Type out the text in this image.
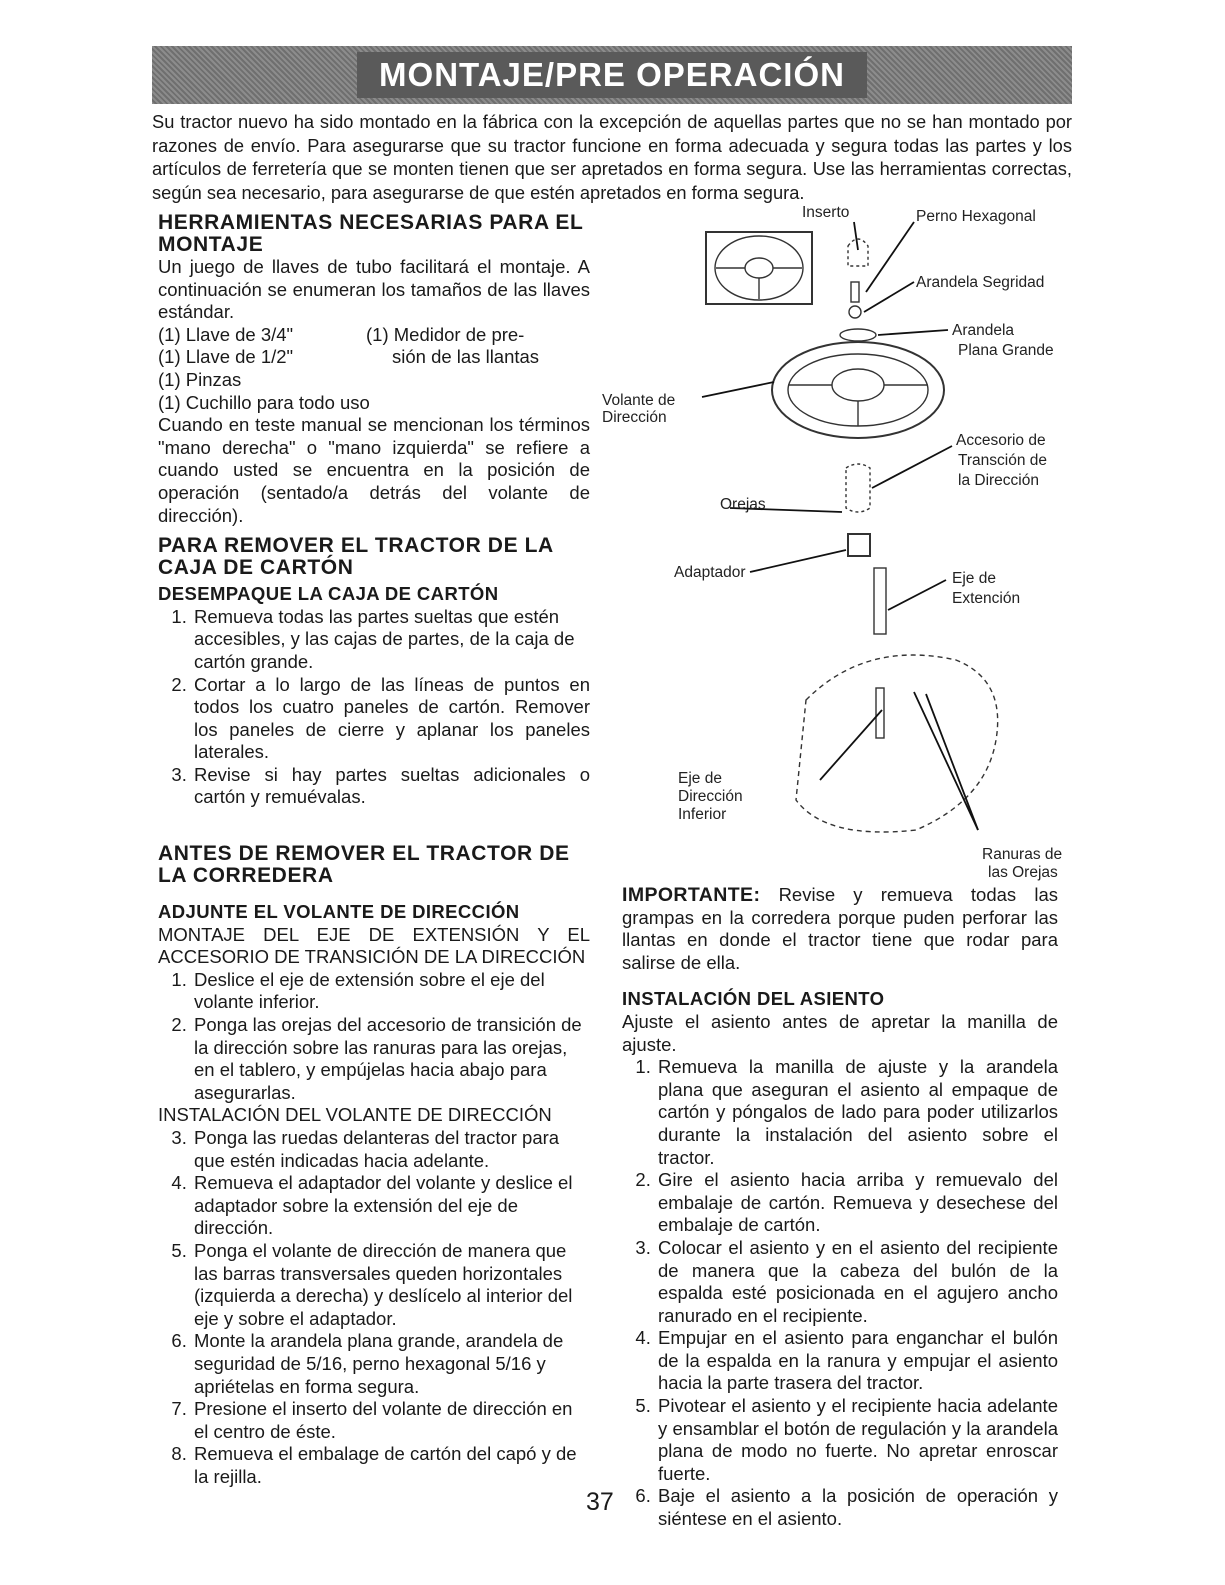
MONTAJE/PRE OPERACIÓN

Su tractor nuevo ha sido montado en la fábrica con la excepción de aquellas partes que no se han montado por razones de envío. Para asegurarse que su tractor funcione en forma adecuada y segura todas las partes y los artículos de ferretería que se monten tienen que ser apretados en forma segura. Use las herramientas correctas, según sea necesario, para asegurarse de que estén apretados en forma segura.

HERRAMIENTAS NECESARIAS PARA EL MONTAJE

Un juego de llaves de tubo facilitará el montaje. A continuación se enumeran los tamaños de las llaves estándar.

(1) Llave de 3/4"	(1) Medidor de pre-
(1) Llave de 1/2"	sión de las llantas

(1) Pinzas

(1) Cuchillo para todo uso

Cuando en teste manual se mencionan los términos "mano derecha" o "mano izquierda" se refiere a cuando usted se encuentra en la posición de operación (sentado/a detrás del volante de dirección).

PARA REMOVER EL TRACTOR DE LA CAJA DE CARTÓN

DESEMPAQUE LA CAJA DE CARTÓN

1. Remueva todas las partes sueltas que estén accesibles, y las cajas de partes, de la caja de cartón grande.
2. Cortar a lo largo de las líneas de puntos en todos los cuatro paneles de cartón. Remover los paneles de cierre y aplanar los paneles laterales.
3. Revise si hay partes sueltas adicionales o cartón y remuévalas.

ANTES DE REMOVER EL TRACTOR DE LA CORREDERA

ADJUNTE EL VOLANTE DE DIRECCIÓN

MONTAJE DEL EJE DE EXTENSIÓN Y EL ACCESORIO DE TRANSICIÓN DE LA DIRECCIÓN

1. Deslice el eje de extensión sobre el eje del volante inferior.
2. Ponga las orejas del accesorio de transición de la dirección sobre las ranuras para las orejas, en el tablero, y empújelas hacia abajo para asegurarlas.

INSTALACIÓN DEL VOLANTE DE DIRECCIÓN

3. Ponga las ruedas delanteras del tractor para que estén indicadas hacia adelante.
4. Remueva el adaptador del volante y deslice el adaptador sobre la extensión del eje de dirección.
5. Ponga el volante de dirección de manera que las barras transversales queden horizontales (izquierda a derecha) y deslícelo al interior del eje y sobre el adaptador.
6. Monte la arandela plana grande, arandela de seguridad de 5/16, perno hexagonal 5/16 y apriételas en forma segura.
7. Presione el inserto del volante de dirección en el centro de éste.
8. Remueva el embalage de cartón del capó y de la rejilla.
Inserto	Perno Hexagonal
Arandela Segridad
Arandela
Plana Grande
Volante de
Dirección
Accesorio de
Transción de
la Dirección
Orejas
Adaptador	Eje de
Extención
Eje de
Dirección
Inferior
Ranuras de
las Orejas

IMPORTANTE: Revise y remueva todas las grampas en la corredera porque puden perforar las llantas en donde el tractor tiene que rodar para salirse de ella.

INSTALACIÓN DEL ASIENTO

Ajuste el asiento antes de apretar la manilla de ajuste.

1. Remueva la manilla de ajuste y la arandela plana que aseguran el asiento al empaque de cartón y póngalos de lado para poder utilizarlos durante la instalación del asiento sobre el tractor.
2. Gire el asiento hacia arriba y remuevalo del embalaje de cartón. Remueva y desechese del embalaje de cartón.
3. Colocar el asiento y en el asiento del recipiente de manera que la cabeza del bulón de la espalda esté posicionada en el agujero ancho ranurado en el recipiente.
4. Empujar en el asiento para enganchar el bulón de la espalda en la ranura y empujar el asiento hacia la parte trasera del tractor.
5. Pivotear el asiento y el recipiente hacia adelante y ensamblar el botón de regulación y la arandela plana de modo no fuerte. No apretar enroscar fuerte.
6. Baje el asiento a la posición de operación y siéntese en el asiento.
37
